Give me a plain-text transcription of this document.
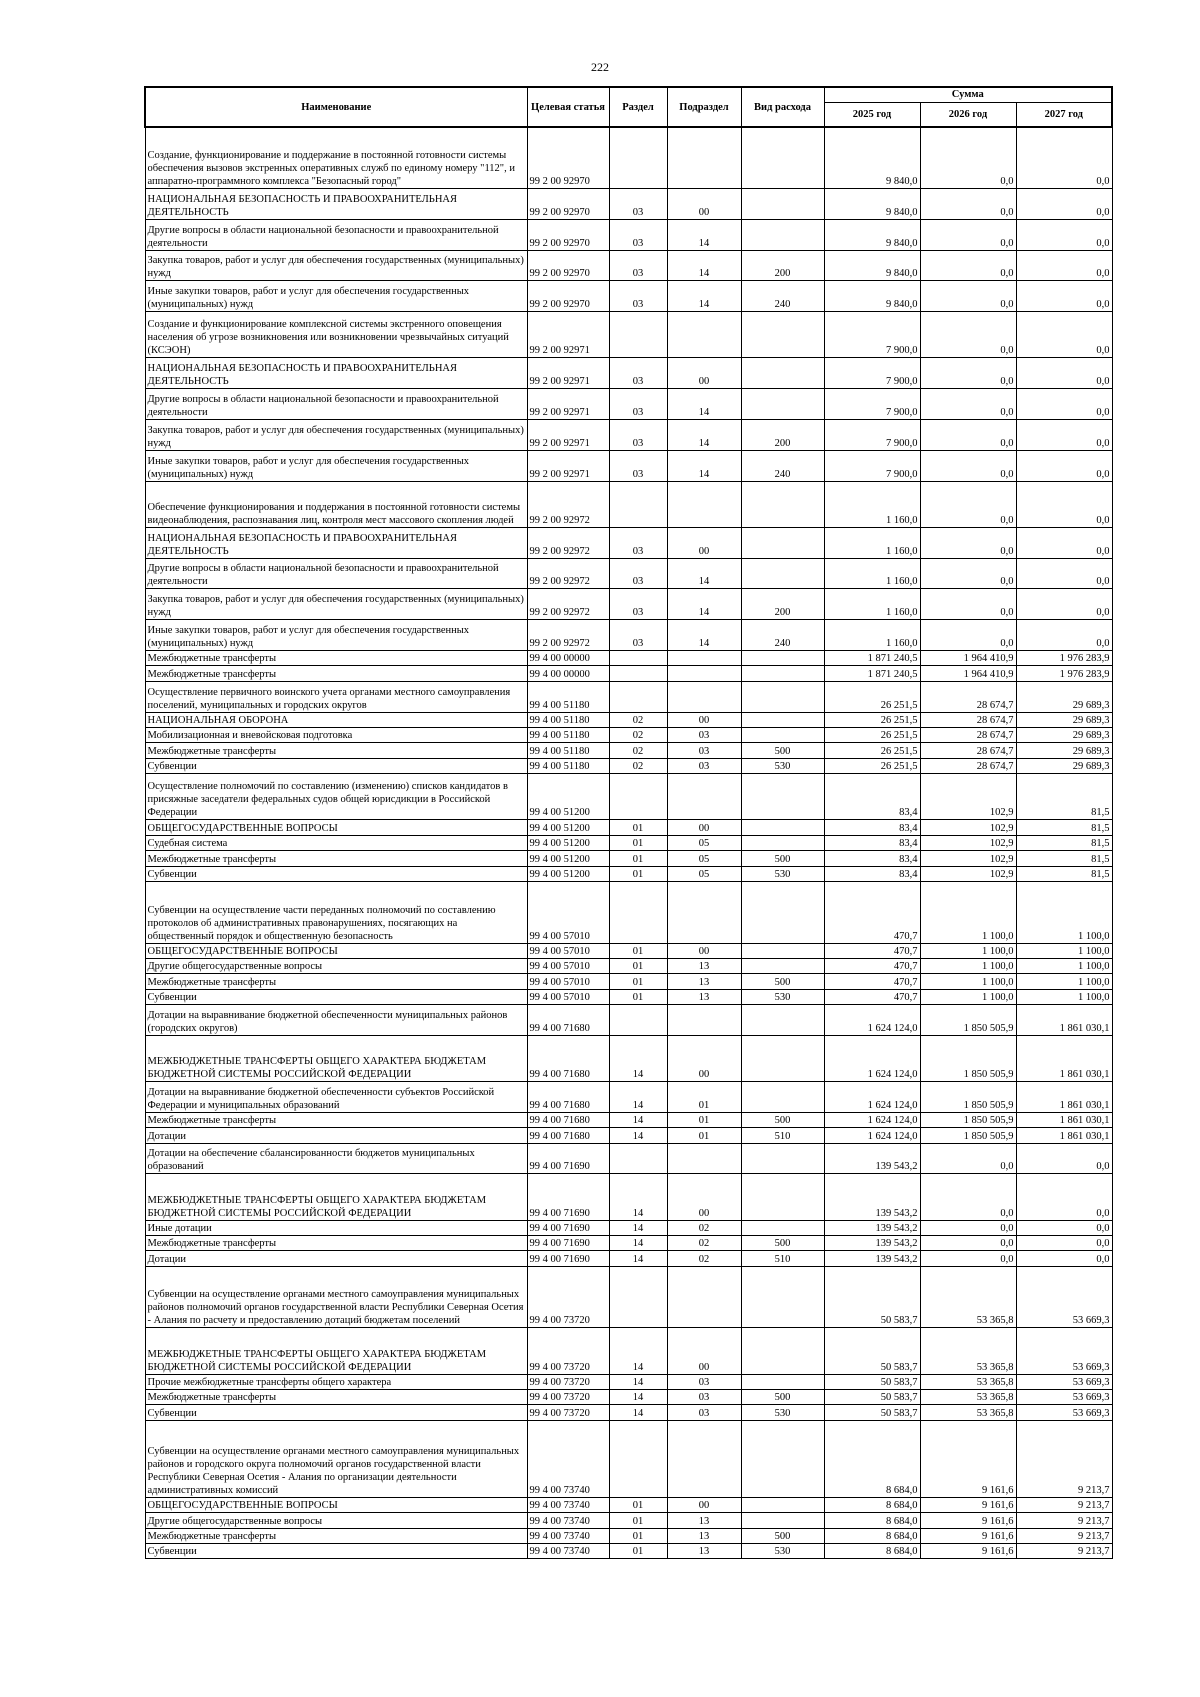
222
Наименование	Целевая статья	Раздел	Подраздел	Вид расхода	Сумма		
					2025 год	2026 год	2027 год
Создание, функционирование и поддержание в постоянной готовности системы обеспечения вызовов экстренных оперативных служб по единому номеру "112", и аппаратно-программного комплекса "Безопасный город"	99 2 00 92970				9 840,0	0,0	0,0
НАЦИОНАЛЬНАЯ БЕЗОПАСНОСТЬ И ПРАВООХРАНИТЕЛЬНАЯ ДЕЯТЕЛЬНОСТЬ	99 2 00 92970	03	00		9 840,0	0,0	0,0
Другие вопросы в области национальной безопасности и правоохранительной деятельности	99 2 00 92970	03	14		9 840,0	0,0	0,0
Закупка товаров, работ и услуг для обеспечения государственных (муниципальных) нужд	99 2 00 92970	03	14	200	9 840,0	0,0	0,0
Иные закупки товаров, работ и услуг для обеспечения государственных (муниципальных) нужд	99 2 00 92970	03	14	240	9 840,0	0,0	0,0
Создание и функционирование комплексной системы экстренного оповещения населения об угрозе возникновения или возникновении чрезвычайных ситуаций (КСЭОН)	99 2 00 92971				7 900,0	0,0	0,0
НАЦИОНАЛЬНАЯ БЕЗОПАСНОСТЬ И ПРАВООХРАНИТЕЛЬНАЯ ДЕЯТЕЛЬНОСТЬ	99 2 00 92971	03	00		7 900,0	0,0	0,0
Другие вопросы в области национальной безопасности и правоохранительной деятельности	99 2 00 92971	03	14		7 900,0	0,0	0,0
Закупка товаров, работ и услуг для обеспечения государственных (муниципальных) нужд	99 2 00 92971	03	14	200	7 900,0	0,0	0,0
Иные закупки товаров, работ и услуг для обеспечения государственных (муниципальных) нужд	99 2 00 92971	03	14	240	7 900,0	0,0	0,0
Обеспечение функционирования и поддержания в постоянной готовности системы видеонаблюдения, распознавания лиц, контроля мест массового скопления людей	99 2 00 92972				1 160,0	0,0	0,0
НАЦИОНАЛЬНАЯ БЕЗОПАСНОСТЬ И ПРАВООХРАНИТЕЛЬНАЯ ДЕЯТЕЛЬНОСТЬ	99 2 00 92972	03	00		1 160,0	0,0	0,0
Другие вопросы в области национальной безопасности и правоохранительной деятельности	99 2 00 92972	03	14		1 160,0	0,0	0,0
Закупка товаров, работ и услуг для обеспечения государственных (муниципальных) нужд	99 2 00 92972	03	14	200	1 160,0	0,0	0,0
Иные закупки товаров, работ и услуг для обеспечения государственных (муниципальных) нужд	99 2 00 92972	03	14	240	1 160,0	0,0	0,0
Межбюджетные трансферты	99 4 00 00000				1 871 240,5	1 964 410,9	1 976 283,9
Межбюджетные трансферты	99 4 00 00000				1 871 240,5	1 964 410,9	1 976 283,9
Осуществление первичного воинского учета органами местного самоуправления поселений, муниципальных и городских округов	99 4 00 51180				26 251,5	28 674,7	29 689,3
НАЦИОНАЛЬНАЯ ОБОРОНА	99 4 00 51180	02	00		26 251,5	28 674,7	29 689,3
Мобилизационная и вневойсковая подготовка	99 4 00 51180	02	03		26 251,5	28 674,7	29 689,3
Межбюджетные трансферты	99 4 00 51180	02	03	500	26 251,5	28 674,7	29 689,3
Субвенции	99 4 00 51180	02	03	530	26 251,5	28 674,7	29 689,3
Осуществление полномочий по составлению (изменению) списков кандидатов в присяжные заседатели федеральных судов общей юрисдикции в Российской Федерации	99 4 00 51200				83,4	102,9	81,5
ОБЩЕГОСУДАРСТВЕННЫЕ ВОПРОСЫ	99 4 00 51200	01	00		83,4	102,9	81,5
Судебная система	99 4 00 51200	01	05		83,4	102,9	81,5
Межбюджетные трансферты	99 4 00 51200	01	05	500	83,4	102,9	81,5
Субвенции	99 4 00 51200	01	05	530	83,4	102,9	81,5
Субвенции на осуществление части переданных полномочий по составлению протоколов об административных правонарушениях, посягающих на общественный порядок и общественную безопасность	99 4 00 57010				470,7	1 100,0	1 100,0
ОБЩЕГОСУДАРСТВЕННЫЕ ВОПРОСЫ	99 4 00 57010	01	00		470,7	1 100,0	1 100,0
Другие общегосударственные вопросы	99 4 00 57010	01	13		470,7	1 100,0	1 100,0
Межбюджетные трансферты	99 4 00 57010	01	13	500	470,7	1 100,0	1 100,0
Субвенции	99 4 00 57010	01	13	530	470,7	1 100,0	1 100,0
Дотации на выравнивание бюджетной обеспеченности муниципальных районов (городских округов)	99 4 00 71680				1 624 124,0	1 850 505,9	1 861 030,1
МЕЖБЮДЖЕТНЫЕ ТРАНСФЕРТЫ ОБЩЕГО ХАРАКТЕРА БЮДЖЕТАМ БЮДЖЕТНОЙ СИСТЕМЫ РОССИЙСКОЙ ФЕДЕРАЦИИ	99 4 00 71680	14	00		1 624 124,0	1 850 505,9	1 861 030,1
Дотации на выравнивание бюджетной обеспеченности субъектов Российской Федерации и муниципальных образований	99 4 00 71680	14	01		1 624 124,0	1 850 505,9	1 861 030,1
Межбюджетные трансферты	99 4 00 71680	14	01	500	1 624 124,0	1 850 505,9	1 861 030,1
Дотации	99 4 00 71680	14	01	510	1 624 124,0	1 850 505,9	1 861 030,1
Дотации на обеспечение сбалансированности бюджетов муниципальных образований	99 4 00 71690				139 543,2	0,0	0,0
МЕЖБЮДЖЕТНЫЕ ТРАНСФЕРТЫ ОБЩЕГО ХАРАКТЕРА БЮДЖЕТАМ БЮДЖЕТНОЙ СИСТЕМЫ РОССИЙСКОЙ ФЕДЕРАЦИИ	99 4 00 71690	14	00		139 543,2	0,0	0,0
Иные дотации	99 4 00 71690	14	02		139 543,2	0,0	0,0
Межбюджетные трансферты	99 4 00 71690	14	02	500	139 543,2	0,0	0,0
Дотации	99 4 00 71690	14	02	510	139 543,2	0,0	0,0
Субвенции на осуществление органами местного самоуправления муниципальных районов полномочий органов государственной власти Республики Северная Осетия - Алания по расчету и предоставлению дотаций бюджетам поселений	99 4 00 73720				50 583,7	53 365,8	53 669,3
МЕЖБЮДЖЕТНЫЕ ТРАНСФЕРТЫ ОБЩЕГО ХАРАКТЕРА БЮДЖЕТАМ БЮДЖЕТНОЙ СИСТЕМЫ РОССИЙСКОЙ ФЕДЕРАЦИИ	99 4 00 73720	14	00		50 583,7	53 365,8	53 669,3
Прочие межбюджетные трансферты общего характера	99 4 00 73720	14	03		50 583,7	53 365,8	53 669,3
Межбюджетные трансферты	99 4 00 73720	14	03	500	50 583,7	53 365,8	53 669,3
Субвенции	99 4 00 73720	14	03	530	50 583,7	53 365,8	53 669,3
Субвенции на осуществление органами местного самоуправления муниципальных районов и городского округа полномочий органов государственной власти Республики Северная Осетия - Алания по организации деятельности административных комиссий	99 4 00 73740				8 684,0	9 161,6	9 213,7
ОБЩЕГОСУДАРСТВЕННЫЕ ВОПРОСЫ	99 4 00 73740	01	00		8 684,0	9 161,6	9 213,7
Другие общегосударственные вопросы	99 4 00 73740	01	13		8 684,0	9 161,6	9 213,7
Межбюджетные трансферты	99 4 00 73740	01	13	500	8 684,0	9 161,6	9 213,7
Субвенции	99 4 00 73740	01	13	530	8 684,0	9 161,6	9 213,7
